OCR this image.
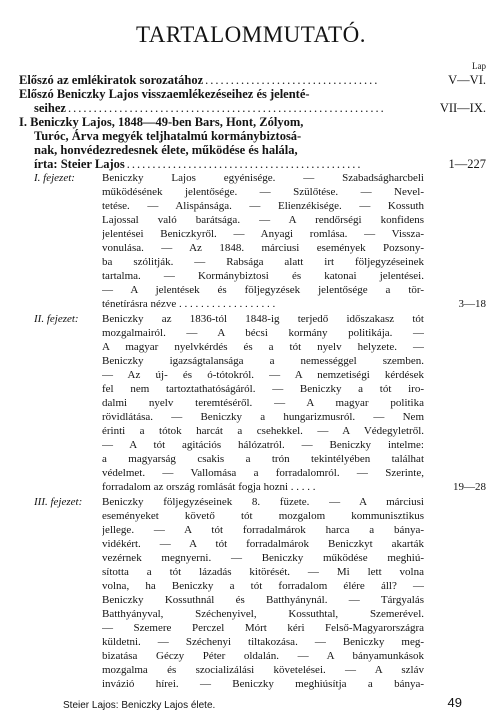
TARTALOMMUTATÓ.
Lap
Előszó az emlékiratok sorozatához ..................................	V—VI.
Előszó Beniczky Lajos visszaemlékezéseihez és jelenté-
seihez ..............................................................	VII—IX.
I. Beniczky Lajos, 1848—49-ben Bars, Hont, Zólyom,
Turóc, Árva megyék teljhatalmú kormánybiztosá-
nak, honvédezredesnek élete, működése és halála,
írta: Steier Lajos ..............................................	1—227
I. fejezet:	Beniczky Lajos egyénisége. — Szabadságharcbeli
működésének jelentősége. — Szülőtése. — Nevel-
tetése. — Alispánsága. — Elienzékisége. — Kossuth
Lajossal való barátsága. — A rendőrségi konfidens
jelentései Beniczkyről. — Anyagi romlása. — Vissza-
vonulása. — Az 1848. márciusi események Pozsony-
ba szólitják. — Rabsága alatt irt följegyzéseinek
tartalma. — Kormánybiztosi és katonai jelentései.
— A jelentések és följegyzések jelentősége a tör-
ténetírásra nézve . . . . . . . . . . . . . . . . . .	3—18
II. fejezet:	Beniczky az 1836-tól 1848-ig terjedő időszakasz tót
mozgalmairól. — A bécsi kormány politikája. —
A magyar nyelvkérdés és a tót nyelv helyzete. —
Beniczky igazságtalansága a nemességgel szemben.
— Az új- és ó-tótokról. — A nemzetiségi kérdések
fel nem tartoztathatóságáról. — Beniczky a tót iro-
dalmi nyelv teremtéséről. — A magyar politika
rövidlátása. — Beniczky a hungarizmusról. — Nem
érinti a tótok harcát a csehekkel. — A Védegyletről.
— A tót agitációs hálózatról. — Beniczky intelme:
a magyarság csakis a trón tekintélyében találhat
védelmet. — Vallomása a forradalomról. — Szerinte,
forradalom az ország romlását fogja hozni . . . . .	19—28
III. fejezet:	Beniczky följegyzéseinek 8. füzete. — A márciusi
eseményeket követő tót mozgalom kommunisztikus
jellege. — A tót forradalmárok harca a bánya-
vidékért. — A tót forradalmárok Beniczkyt akarták
vezérnek megnyerni. — Beniczky működése meghiú-
sította a tót lázadás kitörését. — Mi lett volna
volna, ha Beniczky a tót forradalom élére áll? —
Beniczky Kossuthnál és Batthyánynál. — Tárgyalás
Batthyányval, Széchenyivel, Kossuthtal, Szemerével.
— Szemere Perczel Mórt kéri Felső-Magyarországra
küldetni. — Széchenyi tiltakozása. — Beniczky meg-
bizatása Géczy Péter oldalán. — A bányamunkások
mozgalma és szocializálási követelései. — A szláv
invázió hírei. — Beniczky meghiúsítja a bánya-
Steier Lajos: Beniczky Lajos élete.	49
